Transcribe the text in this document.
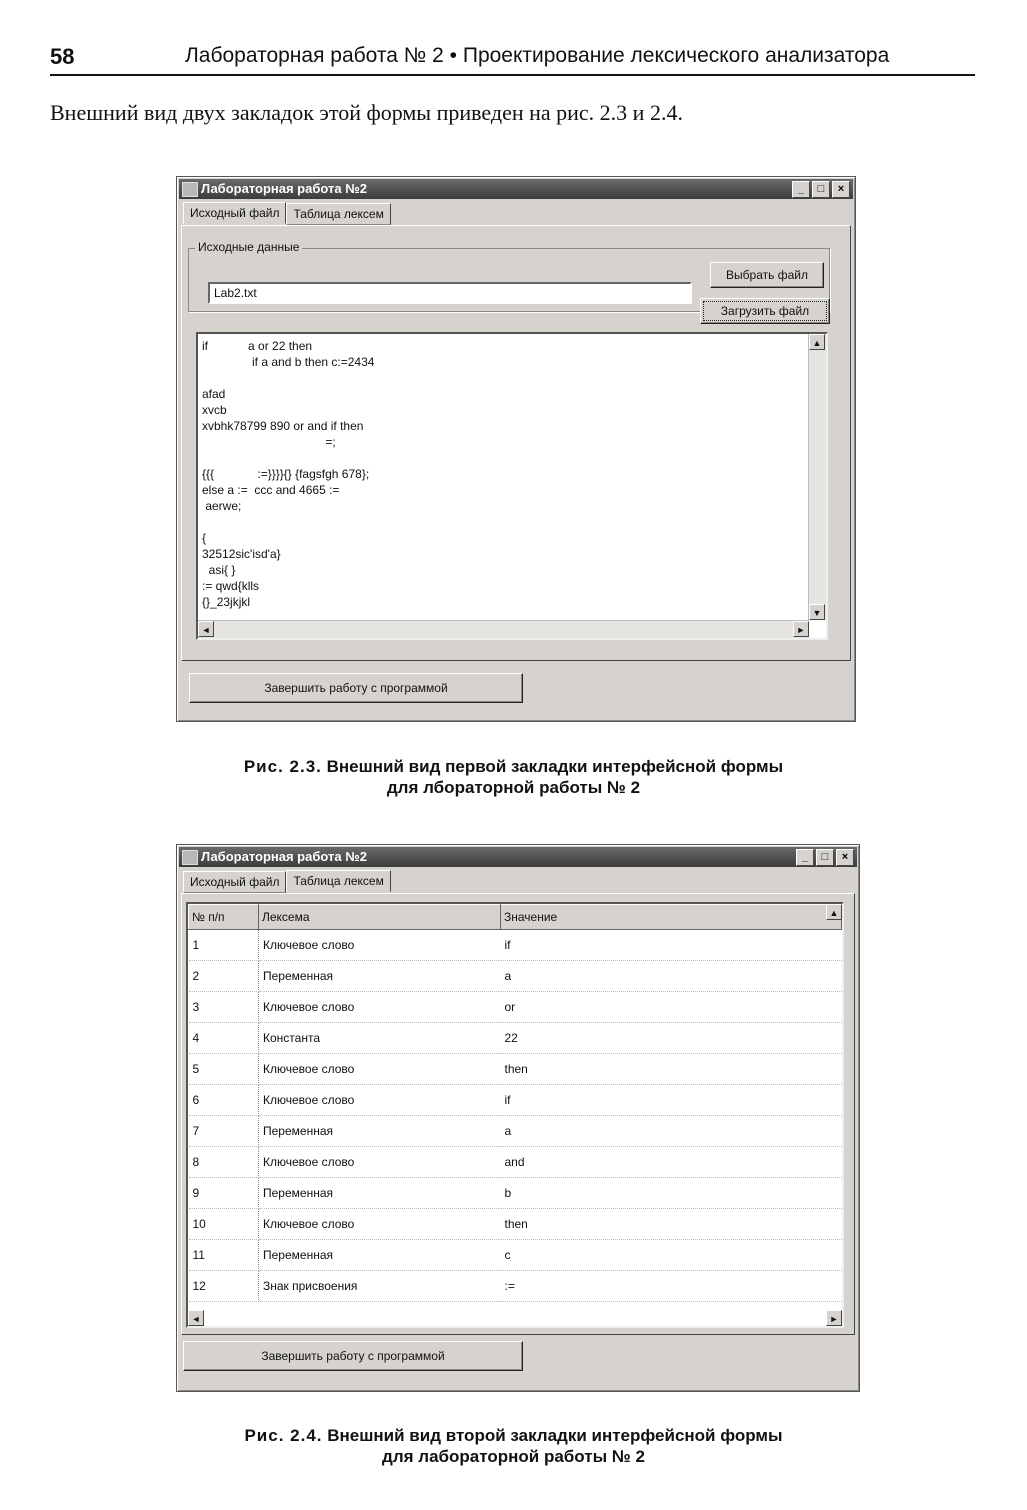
58	Лабораторная работа № 2 • Проектирование лексического анализатора
Внешний вид двух закладок этой формы приведен на рис. 2.3 и 2.4.
Лабораторная работа №2	_	□	×
Исходный файл	Таблица лексем
Исходные данные
Lab2.txt
Выбрать файл
Загрузить файл
if            a or 22 then
if a and b then c:=2434

afad
xvcb
xvbhk78799 890 or and if then
=;

{{{             :=}}}}{} {fagsfgh 678};
else a :=  ccc and 4665 :=
aerwe;

{
32512sic'isd'a}
asi{ }
:= qwd{klls
{}_23jkjkl
▲
▼
◄	►
Завершить работу с программой
Рис. 2.3. Внешний вид первой закладки интерфейсной формы
для лбораторной работы № 2
Лабораторная работа №2	_	□	×
Исходный файл	Таблица лексем
№ п/п	Лексема	Значение
1	Ключевое слово	if
2	Переменная	a
3	Ключевое слово	or
4	Константа	22
5	Ключевое слово	then
6	Ключевое слово	if
7	Переменная	a
8	Ключевое слово	and
9	Переменная	b
10	Ключевое слово	then
11	Переменная	c
12	Знак присвоения	:=
▲
◄	►
Завершить работу с программой
Рис. 2.4. Внешний вид второй закладки интерфейсной формы
для лабораторной работы № 2
